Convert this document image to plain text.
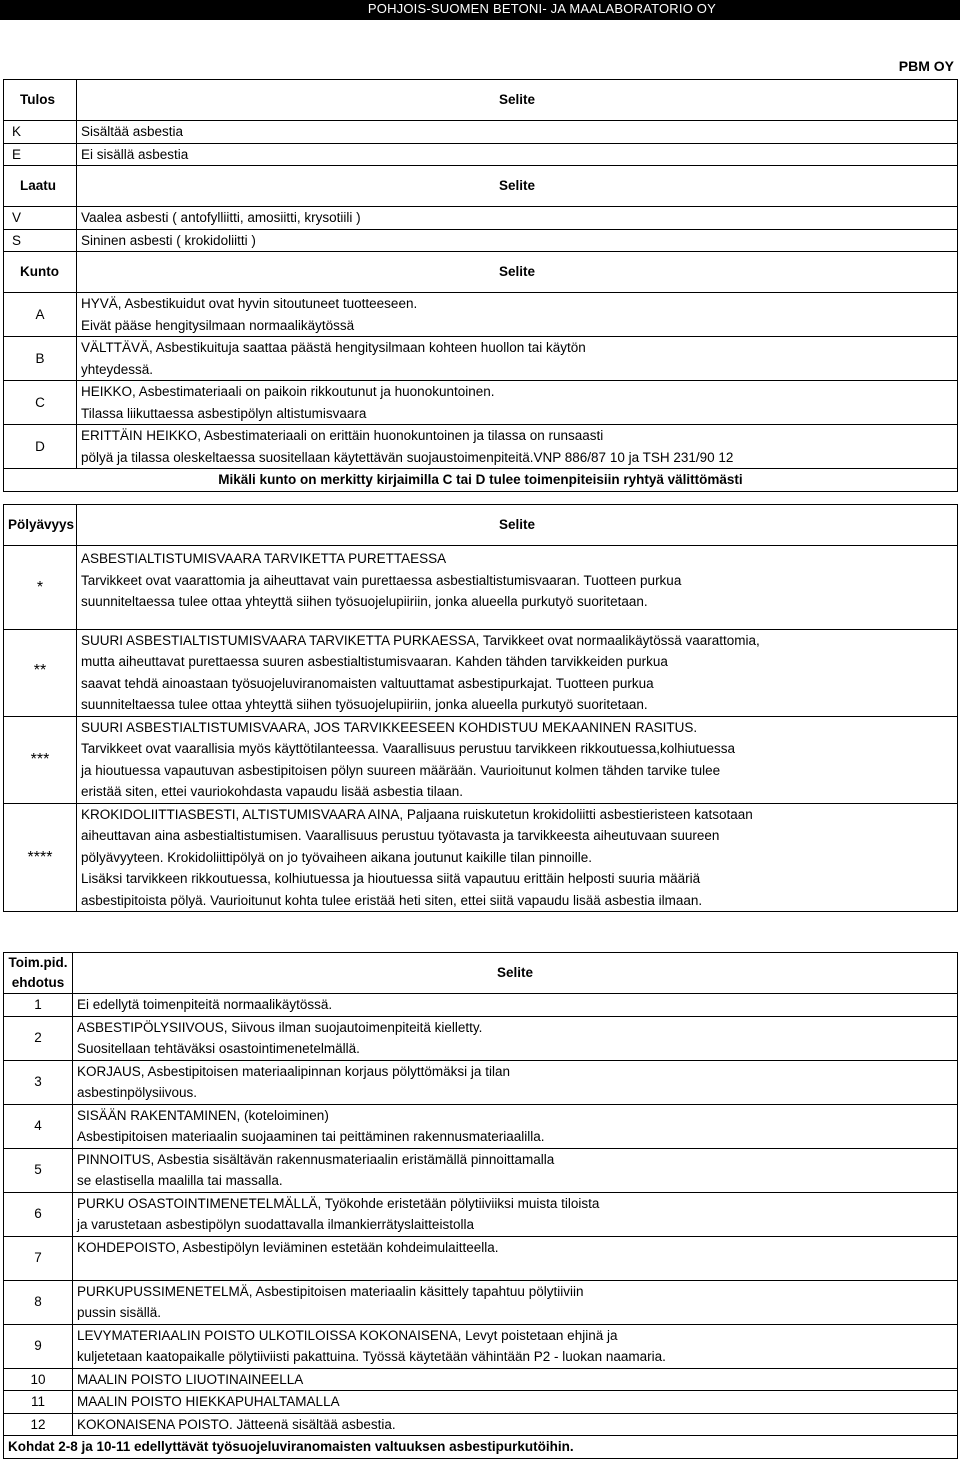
POHJOIS-SUOMEN BETONI- JA MAALABORATORIO OY
PBM OY
Tulos	Selite
K	Sisältää asbestia
E	Ei sisällä asbestia
Laatu	Selite
V	Vaalea asbesti ( antofylliitti, amosiitti, krysotiili )
S	Sininen asbesti ( krokidoliitti )
Kunto	Selite
A	HYVÄ, Asbestikuidut ovat hyvin sitoutuneet tuotteeseen.
Eivät pääse hengitysilmaan normaalikäytössä

B	VÄLTTÄVÄ, Asbestikuituja saattaa päästä hengitysilmaan kohteen huollon tai käytön
yhteydessä.

C	HEIKKO, Asbestimateriaali on paikoin rikkoutunut ja huonokuntoinen.
Tilassa liikuttaessa asbestipölyn altistumisvaara

D	ERITTÄIN HEIKKO, Asbestimateriaali on erittäin huonokuntoinen ja tilassa on runsaasti
pölyä ja tilassa oleskeltaessa suositellaan käytettävän suojaustoimenpiteitä.VNP 886/87 10 ja TSH 231/90 12

Mikäli kunto on merkitty kirjaimilla C tai D tulee toimenpiteisiin ryhtyä välittömästi	
Pölyävyys	Selite
*	ASBESTIALTISTUMISVAARA TARVIKETTA PURETTAESSA
Tarvikkeet ovat vaarattomia ja aiheuttavat vain purettaessa asbestialtistumisvaaran. Tuotteen purkua
suunniteltaessa tulee ottaa yhteyttä siihen työsuojelupiiriin, jonka alueella purkutyö suoritetaan.

**	SUURI ASBESTIALTISTUMISVAARA TARVIKETTA PURKAESSA, Tarvikkeet ovat normaalikäytössä vaarattomia,
mutta aiheuttavat purettaessa suuren asbestialtistumisvaaran. Kahden tähden tarvikkeiden purkua
saavat tehdä ainoastaan työsuojeluviranomaisten valtuuttamat asbestipurkajat. Tuotteen purkua
suunniteltaessa tulee ottaa yhteyttä siihen työsuojelupiiriin, jonka alueella purkutyö suoritetaan.

***	SUURI ASBESTIALTISTUMISVAARA, JOS TARVIKKEESEEN KOHDISTUU MEKAANINEN RASITUS.
Tarvikkeet ovat vaarallisia myös käyttötilanteessa. Vaarallisuus perustuu tarvikkeen rikkoutuessa,kolhiutuessa
ja hioutuessa vapautuvan asbestipitoisen pölyn suureen määrään. Vaurioitunut kolmen tähden tarvike tulee
eristää siten, ettei vauriokohdasta vapaudu lisää asbestia tilaan.

****	KROKIDOLIITTIASBESTI, ALTISTUMISVAARA AINA, Paljaana ruiskutetun krokidoliitti asbestieristeen katsotaan
aiheuttavan aina asbestialtistumisen. Vaarallisuus perustuu työtavasta ja tarvikkeesta aiheutuvaan suureen
pölyävyyteen. Krokidoliittipölyä on jo työvaiheen aikana joutunut kaikille tilan pinnoille.
Lisäksi tarvikkeen rikkoutuessa, kolhiutuessa ja hioutuessa siitä vapautuu erittäin helposti suuria määriä
asbestipitoista pölyä. Vaurioitunut kohta tulee eristää heti siten, ettei siitä vapaudu lisää asbestia ilmaan.
Toim.pid.
ehdotus	Selite
1	Ei edellytä toimenpiteitä normaalikäytössä.

2	ASBESTIPÖLYSIIVOUS, Siivous ilman suojautoimenpiteitä kielletty.
Suositellaan tehtäväksi osastointimenetelmällä.

3	KORJAUS, Asbestipitoisen materiaalipinnan korjaus pölyttömäksi ja tilan
asbestinpölysiivous.

4	SISÄÄN RAKENTAMINEN, (koteloiminen)
Asbestipitoisen materiaalin suojaaminen tai peittäminen rakennusmateriaalilla.

5	PINNOITUS, Asbestia sisältävän rakennusmateriaalin eristämällä pinnoittamalla
se elastisella maalilla tai massalla.

6	PURKU OSASTOINTIMENETELMÄLLÄ, Työkohde eristetään pölytiiviiksi muista tiloista
ja varustetaan asbestipölyn suodattavalla ilmankierrätyslaitteistolla

7	KOHDEPOISTO, Asbestipölyn leviäminen estetään kohdeimulaitteella.

8	PURKUPUSSIMENETELMÄ, Asbestipitoisen materiaalin käsittely tapahtuu pölytiiviin
pussin sisällä.

9	LEVYMATERIAALIN POISTO ULKOTILOISSA KOKONAISENA, Levyt poistetaan ehjinä ja
kuljetetaan kaatopaikalle pölytiiviisti pakattuina. Työssä käytetään vähintään P2 - luokan naamaria.

10	MAALIN POISTO LIUOTINAINEELLA

11	MAALIN POISTO HIEKKAPUHALTAMALLA

12	KOKONAISENA POISTO. Jätteenä sisältää asbestia.

Kohdat 2-8 ja 10-11 edellyttävät työsuojeluviranomaisten valtuuksen asbestipurkutöihin.	
